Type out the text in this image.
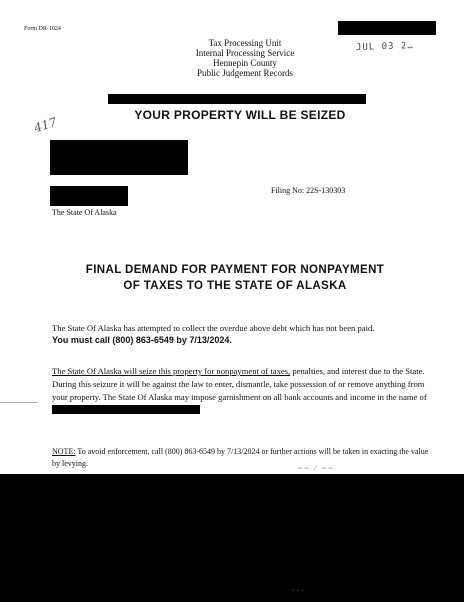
Form DR-1024
Tax Processing Unit
Internal Processing Service
Hennepin County
Public Judgement Records
JUL 03 2…
YOUR PROPERTY WILL BE SEIZED
417
Filing No: 22S-130303
The State Of Alaska
FINAL DEMAND FOR PAYMENT FOR NONPAYMENT
OF TAXES TO THE STATE OF ALASKA
The State Of Alaska has attempted to collect the overdue above debt which has not been paid.
You must call (800) 863-6549 by 7/13/2024.
The State Of Alaska will seize this property for nonpayment of taxes, penalties, and interest due to the State. During this seizure it will be against the law to enter, dismantle, take possession of or remove anything from your property. The State Of Alaska may impose garnishment on all bank accounts and income in the name of
NOTE: To avoid enforcement, call (800) 863-6549 by 7/13/2024 or further actions will be taken in exacting the value by levying.
~~ ⁄ ~~
˙ ˙ ˙
